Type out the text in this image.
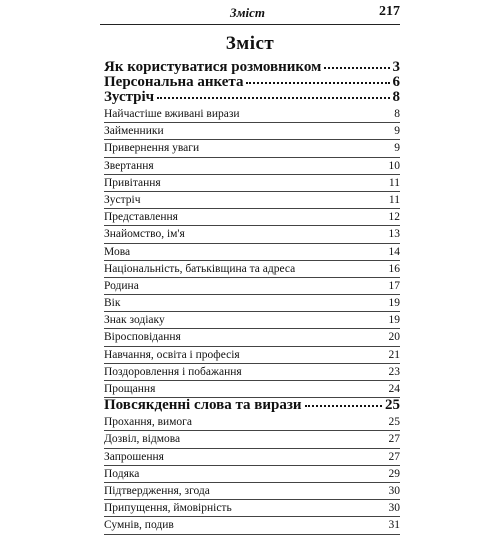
Зміст	217
Зміст
Як користуватися розмовником	3
Персональна анкета	6
Зустріч	8
Найчастіше вживані вирази	8
Займенники	9
Привернення уваги	9
Звертання	10
Привітання	11
Зустріч	11
Представлення	12
Знайомство, ім'я	13
Мова	14
Національність, батьківщина та адреса	16
Родина	17
Вік	19
Знак зодіаку	19
Віросповідання	20
Навчання, освіта і професія	21
Поздоровлення і побажання	23
Прощання	24
Повсякденні слова та вирази	25
Прохання, вимога	25
Дозвіл, відмова	27
Запрошення	27
Подяка	29
Підтвердження, згода	30
Припущення, ймовірність	30
Сумнів, подив	31
